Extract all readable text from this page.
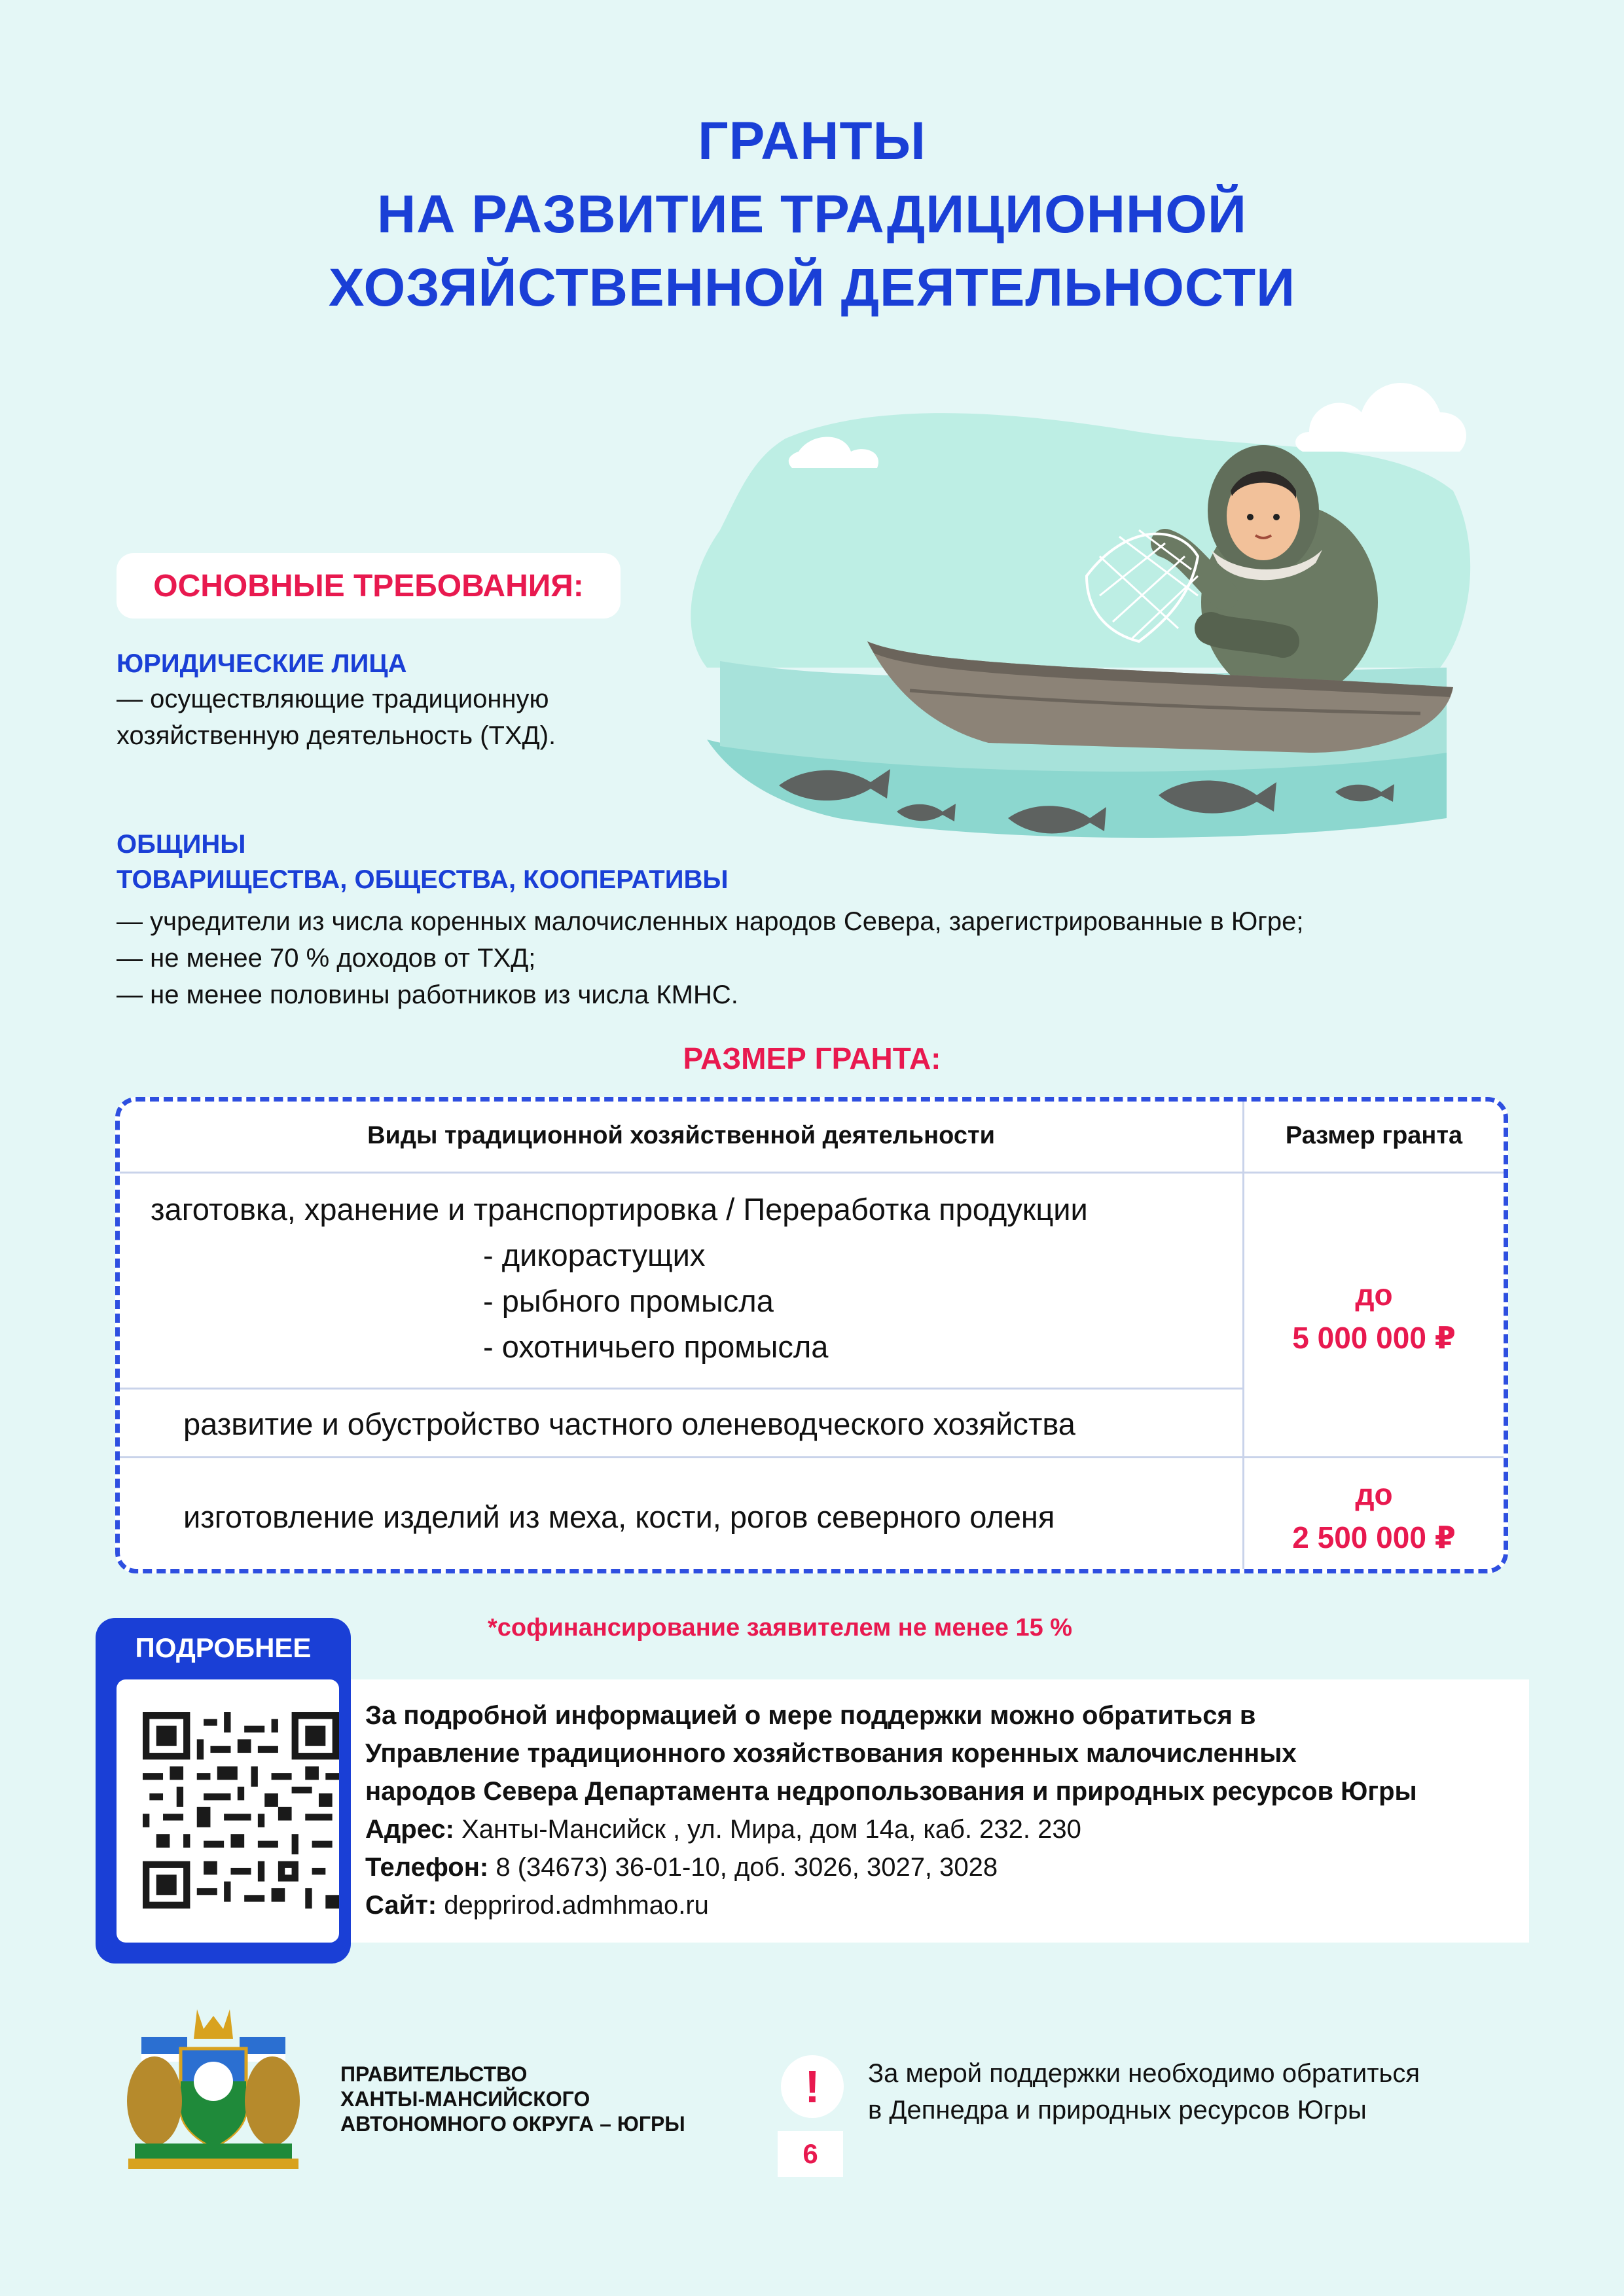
ГРАНТЫ
НА РАЗВИТИЕ ТРАДИЦИОННОЙ
ХОЗЯЙСТВЕННОЙ ДЕЯТЕЛЬНОСТИ
ОСНОВНЫЕ ТРЕБОВАНИЯ:
ЮРИДИЧЕСКИЕ ЛИЦА
— осуществляющие традиционную
хозяйственную деятельность (ТХД).
ОБЩИНЫ
ТОВАРИЩЕСТВА, ОБЩЕСТВА, КООПЕРАТИВЫ
— учредители из числа коренных малочисленных народов Севера, зарегистрированные в Югре;
— не менее 70 % доходов от ТХД;
— не менее половины работников из числа КМНС.
РАЗМЕР ГРАНТА:
Виды традиционной хозяйственной деятельности	Размер гранта
заготовка, хранение и транспортировка / Переработка продукции
- дикорастущих
- рыбного промысла
- охотничьего промысла
развитие и обустройство частного оленеводческого хозяйства
изготовление изделий из меха, кости, рогов северного оленя
до
5 000 000 ₽
до
2 500 000 ₽
*софинансирование заявителем не менее 15 %
ПОДРОБНЕЕ
За подробной информацией о мере поддержки можно обратиться в
Управление традиционного хозяйствования коренных малочисленных
народов Севера Департамента недропользования и природных ресурсов Югры
Адрес: Ханты-Мансийск , ул. Мира, дом 14а, каб. 232. 230
Телефон: 8 (34673) 36-01-10, доб. 3026, 3027, 3028
Сайт: depprirod.admhmao.ru
ПРАВИТЕЛЬСТВО
ХАНТЫ-МАНСИЙСКОГО
АВТОНОМНОГО ОКРУГА – ЮГРЫ
!	За мерой поддержки необходимо обратиться
в Депнедра и природных ресурсов Югры
6
